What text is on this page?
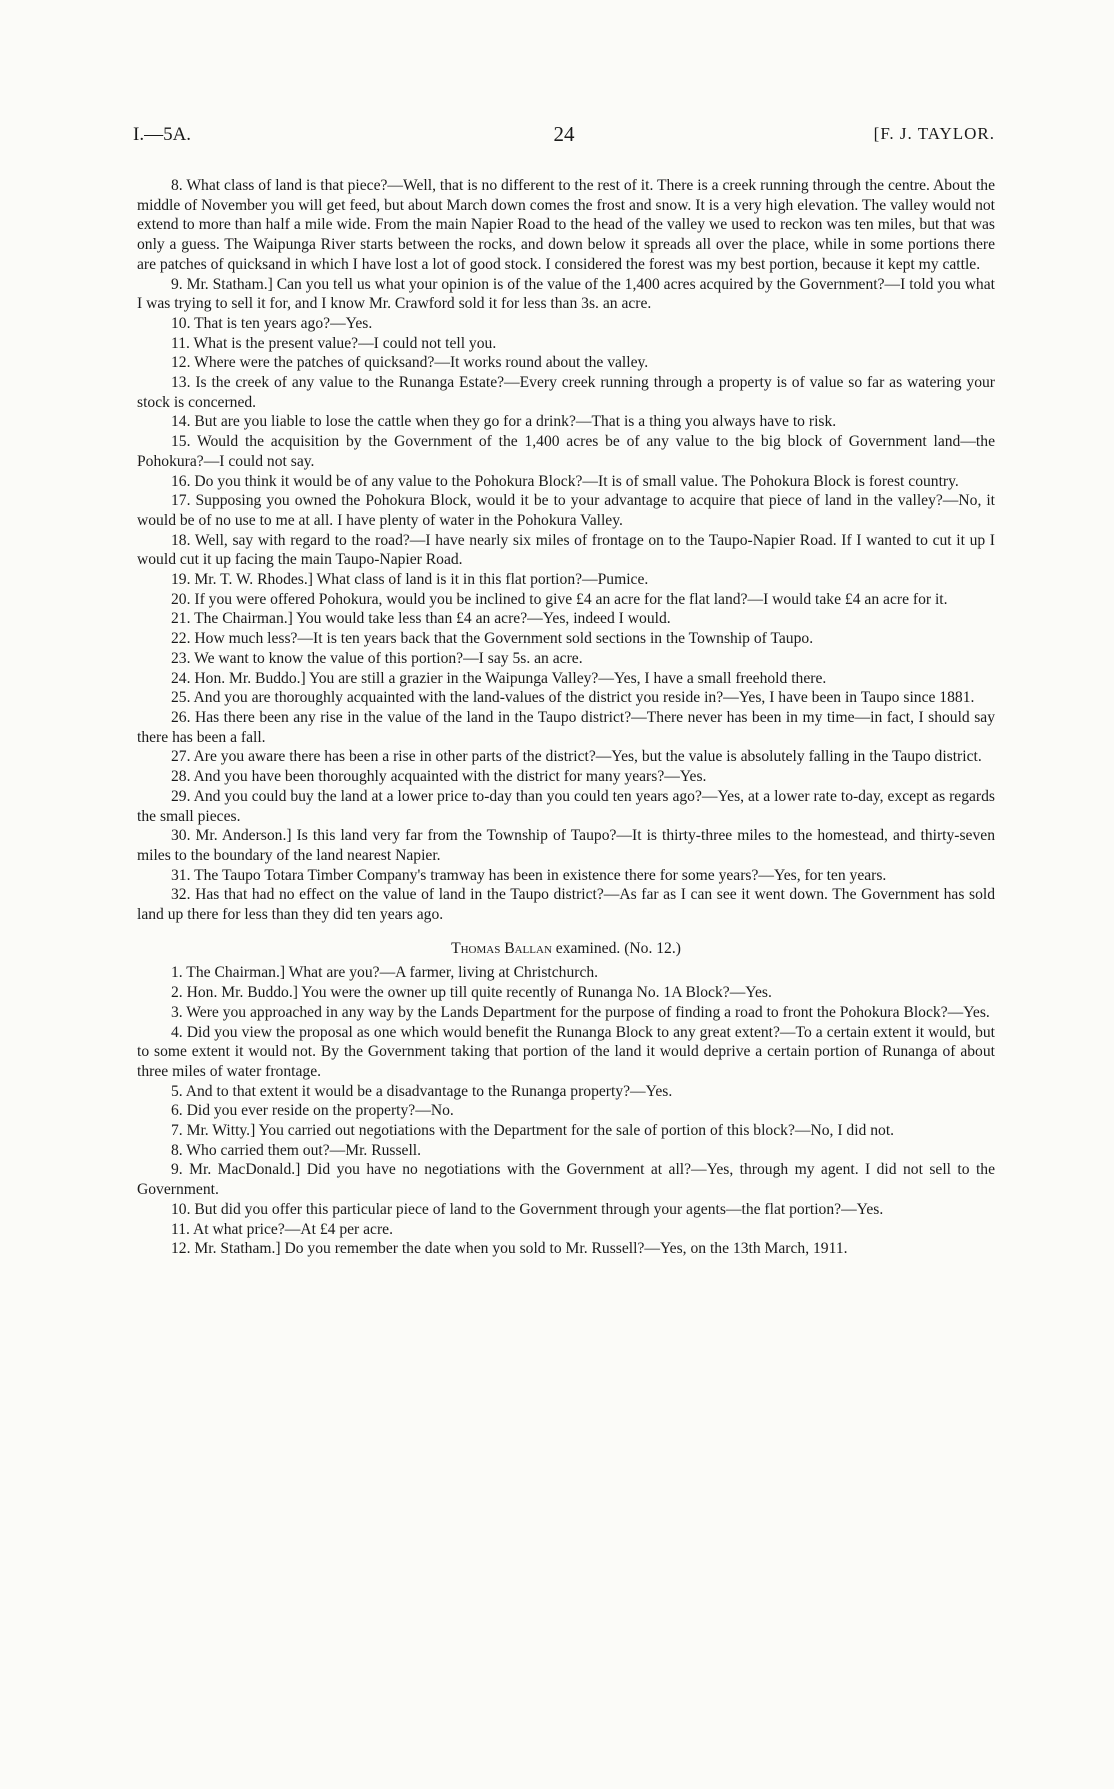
I.—5A.	24	[F. J. TAYLOR.

8. What class of land is that piece?—Well, that is no different to the rest of it. There is a creek running through the centre. About the middle of November you will get feed, but about March down comes the frost and snow. It is a very high elevation. The valley would not extend to more than half a mile wide. From the main Napier Road to the head of the valley we used to reckon was ten miles, but that was only a guess. The Waipunga River starts between the rocks, and down below it spreads all over the place, while in some portions there are patches of quicksand in which I have lost a lot of good stock. I considered the forest was my best portion, because it kept my cattle.

9. Mr. Statham.] Can you tell us what your opinion is of the value of the 1,400 acres acquired by the Government?—I told you what I was trying to sell it for, and I know Mr. Crawford sold it for less than 3s. an acre.

10. That is ten years ago?—Yes.

11. What is the present value?—I could not tell you.

12. Where were the patches of quicksand?—It works round about the valley.

13. Is the creek of any value to the Runanga Estate?—Every creek running through a property is of value so far as watering your stock is concerned.

14. But are you liable to lose the cattle when they go for a drink?—That is a thing you always have to risk.

15. Would the acquisition by the Government of the 1,400 acres be of any value to the big block of Government land—the Pohokura?—I could not say.

16. Do you think it would be of any value to the Pohokura Block?—It is of small value. The Pohokura Block is forest country.

17. Supposing you owned the Pohokura Block, would it be to your advantage to acquire that piece of land in the valley?—No, it would be of no use to me at all. I have plenty of water in the Pohokura Valley.

18. Well, say with regard to the road?—I have nearly six miles of frontage on to the Taupo-Napier Road. If I wanted to cut it up I would cut it up facing the main Taupo-Napier Road.

19. Mr. T. W. Rhodes.] What class of land is it in this flat portion?—Pumice.

20. If you were offered Pohokura, would you be inclined to give £4 an acre for the flat land?—I would take £4 an acre for it.

21. The Chairman.] You would take less than £4 an acre?—Yes, indeed I would.

22. How much less?—It is ten years back that the Government sold sections in the Township of Taupo.

23. We want to know the value of this portion?—I say 5s. an acre.

24. Hon. Mr. Buddo.] You are still a grazier in the Waipunga Valley?—Yes, I have a small freehold there.

25. And you are thoroughly acquainted with the land-values of the district you reside in?—Yes, I have been in Taupo since 1881.

26. Has there been any rise in the value of the land in the Taupo district?—There never has been in my time—in fact, I should say there has been a fall.

27. Are you aware there has been a rise in other parts of the district?—Yes, but the value is absolutely falling in the Taupo district.

28. And you have been thoroughly acquainted with the district for many years?—Yes.

29. And you could buy the land at a lower price to-day than you could ten years ago?—Yes, at a lower rate to-day, except as regards the small pieces.

30. Mr. Anderson.] Is this land very far from the Township of Taupo?—It is thirty-three miles to the homestead, and thirty-seven miles to the boundary of the land nearest Napier.

31. The Taupo Totara Timber Company's tramway has been in existence there for some years?—Yes, for ten years.

32. Has that had no effect on the value of land in the Taupo district?—As far as I can see it went down. The Government has sold land up there for less than they did ten years ago.

Thomas Ballan examined. (No. 12.)

1. The Chairman.] What are you?—A farmer, living at Christchurch.

2. Hon. Mr. Buddo.] You were the owner up till quite recently of Runanga No. 1A Block?—Yes.

3. Were you approached in any way by the Lands Department for the purpose of finding a road to front the Pohokura Block?—Yes.

4. Did you view the proposal as one which would benefit the Runanga Block to any great extent?—To a certain extent it would, but to some extent it would not. By the Government taking that portion of the land it would deprive a certain portion of Runanga of about three miles of water frontage.

5. And to that extent it would be a disadvantage to the Runanga property?—Yes.

6. Did you ever reside on the property?—No.

7. Mr. Witty.] You carried out negotiations with the Department for the sale of portion of this block?—No, I did not.

8. Who carried them out?—Mr. Russell.

9. Mr. MacDonald.] Did you have no negotiations with the Government at all?—Yes, through my agent. I did not sell to the Government.

10. But did you offer this particular piece of land to the Government through your agents—the flat portion?—Yes.

11. At what price?—At £4 per acre.

12. Mr. Statham.] Do you remember the date when you sold to Mr. Russell?—Yes, on the 13th March, 1911.
